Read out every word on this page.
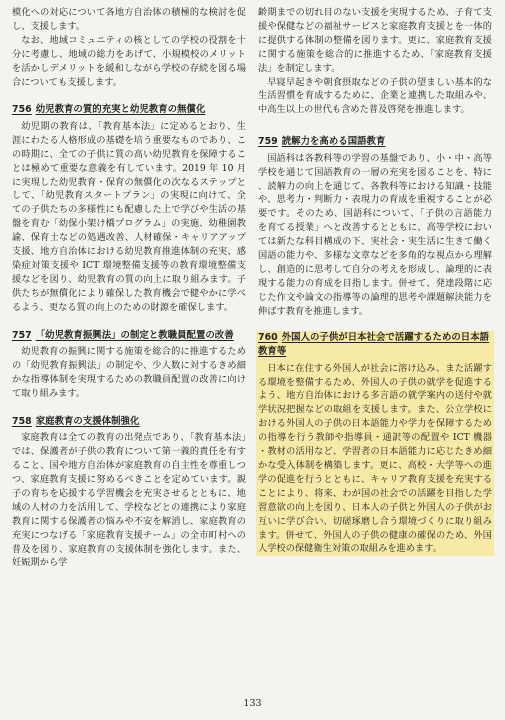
模化への対応について各地方自治体の積極的な検討を促し、支援します。

なお、地域コミュニティの核としての学校の役割を十分に考慮し、地域の総力をあげて、小規模校のメリットを活かしデメリットを緩和しながら学校の存続を図る場合についても支援します。

756 幼児教育の質的充実と幼児教育の無償化

幼児期の教育は、「教育基本法」に定めるとおり、生涯にわたる人格形成の基礎を培う重要なものであり、この時期に、全ての子供に質の高い幼児教育を保障することは極めて重要な意義を有しています。2019 年 10 月に実現した幼児教育・保育の無償化の次なるステップとして、「幼児教育スタートプラン」の実現に向けて、全ての子供たちの多様性にも配慮した上で学びや生活の基盤を育む「幼保小架け橋プログラム」の実施、幼稚園教諭、保育士などの処遇改善、人材確保・キャリアアップ支援、地方自治体における幼児教育推進体制の充実、感染症対策支援や ICT 環境整備支援等の教育環境整備支援などを図り、幼児教育の質の向上に取り組みます。子供たちが無償化により確保した教育機会で健やかに学べるよう、更なる質の向上のための財源を確保します。

757 「幼児教育振興法」の制定と教職員配置の改善

幼児教育の振興に関する施策を総合的に推進するための「幼児教育振興法」の制定や、少人数に対するきめ細かな指導体制を実現するための教職員配置の改善に向けて取り組みます。

758 家庭教育の支援体制強化

家庭教育は全ての教育の出発点であり、「教育基本法」では、保護者が子供の教育について第一義的責任を有すること、国や地方自治体が家庭教育の自主性を尊重しつつ、家庭教育支援に努めるべきことを定めています。親子の育ちを応援する学習機会を充実させるとともに、地域の人材の力を活用して、学校などとの連携により家庭教育に関する保護者の悩みや不安を解消し、家庭教育の充実につなげる「家庭教育支援チーム」の全市町村への普及を図り、家庭教育の支援体制を強化します。また、妊娠期から学

齢期までの切れ目のない支援を実現するため、子育て支援や保健などの福祉サービスと家庭教育支援とを一体的に提供する体制の整備を図ります。更に、家庭教育支援に関する施策を総合的に推進するため、「家庭教育支援法」を制定します。

早寝早起きや朝食摂取などの子供の望ましい基本的な生活習慣を育成するために、企業と連携した取組みや、中高生以上の世代も含めた普及啓発を推進します。

759 読解力を高める国語教育

国語科は各教科等の学習の基盤であり、小・中・高等学校を通じて国語教育の一層の充実を図ることを、特に、読解力の向上を通じて、各教科等における知識・技能や、思考力・判断力・表現力の育成を重視することが必要です。そのため、国語科について、「子供の言語能力を育てる授業」へと改善するとともに、高等学校においては新たな科目構成の下、実社会・実生活に生きて働く国語の能力や、多様な文章などを多角的な視点から理解し、創造的に思考して自分の考えを形成し、論理的に表現する能力の育成を目指します。併せて、発達段階に応じた作文や論文の指導等の論理的思考や課題解決能力を伸ばす教育を推進します。

760 外国人の子供が日本社会で活躍するための日本語教育等

日本に在住する外国人が社会に溶け込み、また活躍する環境を整備するため、外国人の子供の就学を促進するよう、地方自治体における多言語の就学案内の送付や就学状況把握などの取組を支援します。また、公立学校における外国人の子供の日本語能力や学力を保障するための指導を行う教師や指導員・通訳等の配置や ICT 機器・教材の活用など、学習者の日本語能力に応じたきめ細かな受入体制を構築します。更に、高校・大学等への進学の促進を行うとともに、キャリア教育支援を充実することにより、将来、わが国の社会での活躍を目指した学習意欲の向上を図り、日本人の子供と外国人の子供がお互いに学び合い、切磋琢磨し合う環境づくりに取り組みます。併せて、外国人の子供の健康の確保のため、外国人学校の保健衛生対策の取組みを進めます。

133
